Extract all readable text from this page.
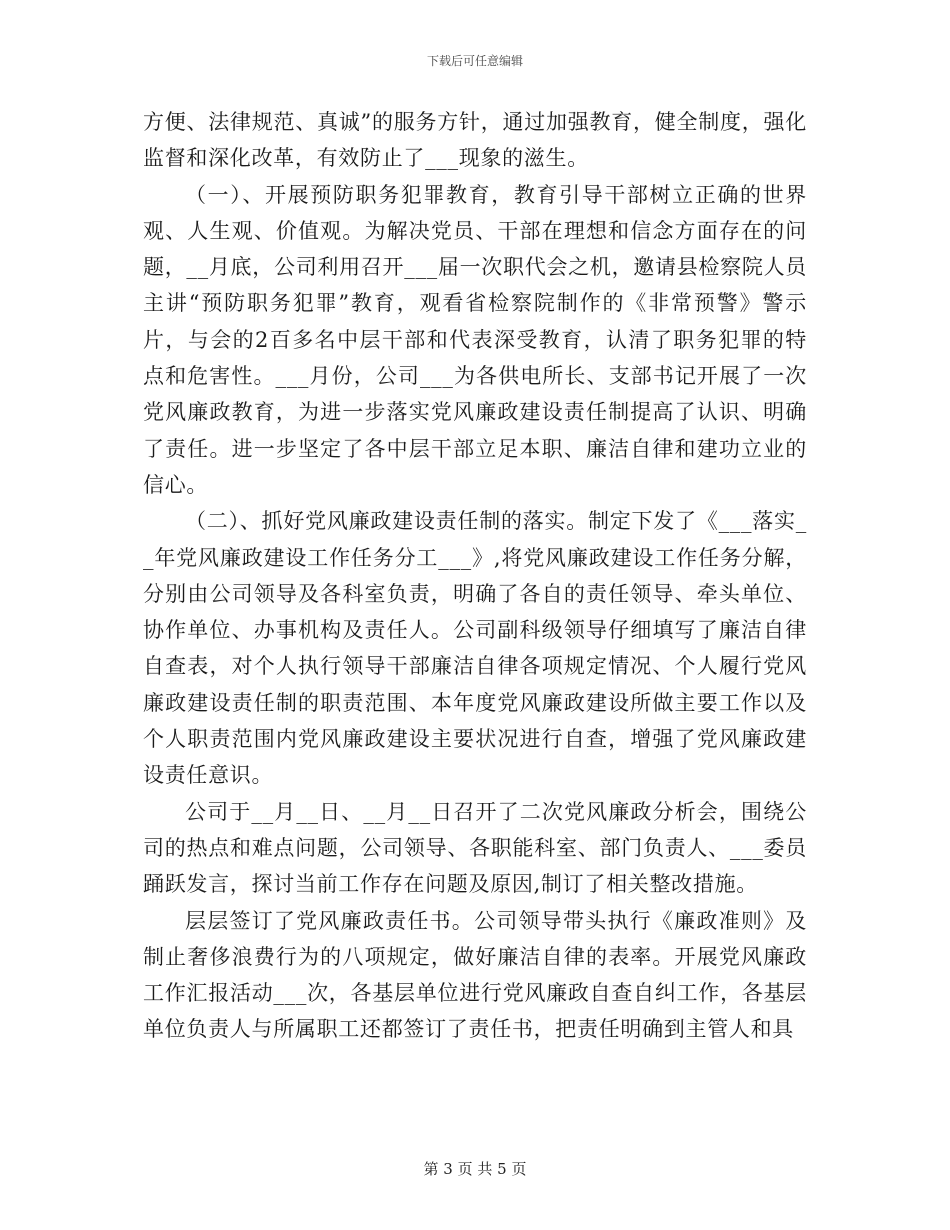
下载后可任意编辑

方便、法律规范、真诚”的服务方针，通过加强教育，健全制度，强化监督和深化改革，有效防止了___现象的滋生。

（一）、开展预防职务犯罪教育，教育引导干部树立正确的世界观、人生观、价值观。为解决党员、干部在理想和信念方面存在的问题，__月底，公司利用召开___届一次职代会之机，邀请县检察院人员主讲“预防职务犯罪”教育，观看省检察院制作的《非常预警》警示片，与会的2百多名中层干部和代表深受教育，认清了职务犯罪的特点和危害性。___月份，公司___为各供电所长、支部书记开展了一次党风廉政教育，为进一步落实党风廉政建设责任制提高了认识、明确了责任。进一步坚定了各中层干部立足本职、廉洁自律和建功立业的信心。

（二）、抓好党风廉政建设责任制的落实。制定下发了《___落实__年党风廉政建设工作任务分工___》,将党风廉政建设工作任务分解，分别由公司领导及各科室负责，明确了各自的责任领导、牵头单位、协作单位、办事机构及责任人。公司副科级领导仔细填写了廉洁自律自查表，对个人执行领导干部廉洁自律各项规定情况、个人履行党风廉政建设责任制的职责范围、本年度党风廉政建设所做主要工作以及个人职责范围内党风廉政建设主要状况进行自查，增强了党风廉政建设责任意识。

公司于__月__日、__月__日召开了二次党风廉政分析会，围绕公司的热点和难点问题，公司领导、各职能科室、部门负责人、___委员踊跃发言，探讨当前工作存在问题及原因,制订了相关整改措施。

层层签订了党风廉政责任书。公司领导带头执行《廉政准则》及制止奢侈浪费行为的八项规定，做好廉洁自律的表率。开展党风廉政工作汇报活动___次，各基层单位进行党风廉政自查自纠工作，各基层单位负责人与所属职工还都签订了责任书，把责任明确到主管人和具

第 3 页 共 5 页
